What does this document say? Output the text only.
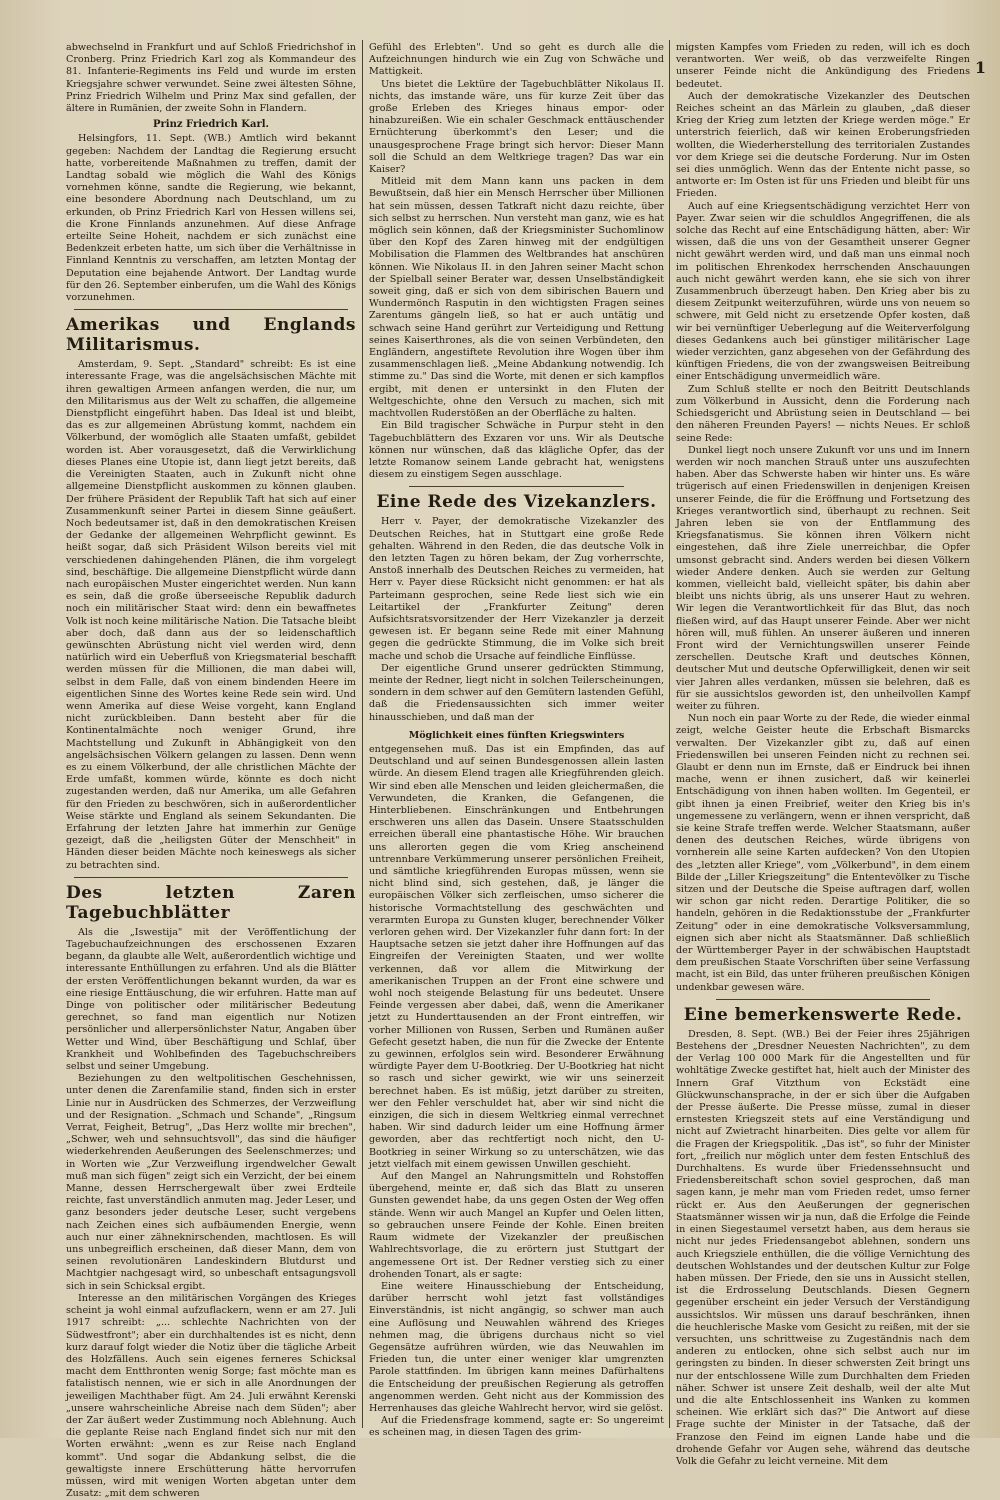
1

abwechselnd in Frankfurt und auf Schloß Friedrichshof in Cronberg. Prinz Friedrich Karl zog als Kommandeur des 81. Infanterie-Regiments ins Feld und wurde im ersten Kriegsjahre schwer verwundet. Seine zwei ältesten Söhne, Prinz Friedrich Wilhelm und Prinz Max sind gefallen, der ältere in Rumänien, der zweite Sohn in Flandern.

Prinz Friedrich Karl.

Helsingfors, 11. Sept. (WB.) Amtlich wird bekannt gegeben: Nachdem der Landtag die Regierung ersucht hatte, vorbereitende Maßnahmen zu treffen, damit der Landtag sobald wie möglich die Wahl des Königs vornehmen könne, sandte die Regierung, wie bekannt, eine besondere Abordnung nach Deutschland, um zu erkunden, ob Prinz Friedrich Karl von Hessen willens sei, die Krone Finnlands anzunehmen. Auf diese Anfrage erteilte Seine Hoheit, nachdem er sich zunächst eine Bedenkzeit erbeten hatte, um sich über die Verhältnisse in Finnland Kenntnis zu verschaffen, am letzten Montag der Deputation eine bejahende Antwort. Der Landtag wurde für den 26. September einberufen, um die Wahl des Königs vorzunehmen.

Amerikas und Englands Militarismus.

Amsterdam, 9. Sept. „Standard" schreibt: Es ist eine interessante Frage, was die angelsächsischen Mächte mit ihren gewaltigen Armeen anfangen werden, die nur, um den Militarismus aus der Welt zu schaffen, die allgemeine Dienstpflicht eingeführt haben. Das Ideal ist und bleibt, das es zur allgemeinen Abrüstung kommt, nachdem ein Völkerbund, der womöglich alle Staaten umfaßt, gebildet worden ist. Aber vorausgesetzt, daß die Verwirklichung dieses Planes eine Utopie ist, dann liegt jetzt bereits, daß die Vereinigten Staaten, auch in Zukunft nicht ohne allgemeine Dienstpflicht auskommen zu können glauben. Der frühere Präsident der Republik Taft hat sich auf einer Zusammenkunft seiner Partei in diesem Sinne geäußert. Noch bedeutsamer ist, daß in den demokratischen Kreisen der Gedanke der allgemeinen Wehrpflicht gewinnt. Es heißt sogar, daß sich Präsident Wilson bereits viel mit verschiedenen dahingehenden Plänen, die ihm vorgelegt sind, beschäftige. Die allgemeine Dienstpflicht würde dann nach europäischen Muster eingerichtet werden. Nun kann es sein, daß die große überseeische Republik dadurch noch ein militärischer Staat wird: denn ein bewaffnetes Volk ist noch keine militärische Nation. Die Tatsache bleibt aber doch, daß dann aus der so leidenschaftlich gewünschten Abrüstung nicht viel werden wird, denn natürlich wird ein Ueberfluß von Kriegsmaterial beschafft werden müssen für die Millionen, die man dabei will, selbst in dem Falle, daß von einem bindenden Heere im eigentlichen Sinne des Wortes keine Rede sein wird. Und wenn Amerika auf diese Weise vorgeht, kann England nicht zurückbleiben. Dann besteht aber für die Kontinentalmächte noch weniger Grund, ihre Machtstellung und Zukunft in Abhängigkeit von den angelsächsischen Völkern gelangen zu lassen. Denn wenn es zu einem Völkerbund, der alle christlichen Mächte der Erde umfaßt, kommen würde, könnte es doch nicht zugestanden werden, daß nur Amerika, um alle Gefahren für den Frieden zu beschwören, sich in außerordentlicher Weise stärkte und England als seinem Sekundanten. Die Erfahrung der letzten Jahre hat immerhin zur Genüge gezeigt, daß die „heiligsten Güter der Menschheit" in Händen dieser beiden Mächte noch keineswegs als sicher zu betrachten sind.

Des letzten Zaren Tagebuchblätter

Als die „Iswestija" mit der Veröffentlichung der Tagebuchaufzeichnungen des erschossenen Exzaren begann, da glaubte alle Welt, außerordentlich wichtige und interessante Enthüllungen zu erfahren. Und als die Blätter der ersten Veröffentlichungen bekannt wurden, da war es eine riesige Enttäuschung, die wir erfuhren. Hatte man auf Dinge von politischer oder militärischer Bedeutung gerechnet, so fand man eigentlich nur Notizen persönlicher und allerpersönlichster Natur, Angaben über Wetter und Wind, über Beschäftigung und Schlaf, über Krankheit und Wohlbefinden des Tagebuchschreibers selbst und seiner Umgebung.

Beziehungen zu den weltpolitischen Geschehnissen, unter denen die Zarenfamilie stand, finden sich in erster Linie nur in Ausdrücken des Schmerzes, der Verzweiflung und der Resignation. „Schmach und Schande", „Ringsum Verrat, Feigheit, Betrug", „Das Herz wollte mir brechen", „Schwer, weh und sehnsuchtsvoll", das sind die häufiger wiederkehrenden Aeußerungen des Seelenschmerzes; und in Worten wie „Zur Verzweiflung irgendwelcher Gewalt muß man sich fügen" zeigt sich ein Verzicht, der bei einem Manne, dessen Herrschergewalt über zwei Erdteile reichte, fast unverständlich anmuten mag. Jeder Leser, und ganz besonders jeder deutsche Leser, sucht vergebens nach Zeichen eines sich aufbäumenden Energie, wenn auch nur einer zähneknirschenden, machtlosen. Es will uns unbegreiflich erscheinen, daß dieser Mann, dem von seinen revolutionären Landeskindern Blutdurst und Machtgier nachgesagt wird, so unbeschaft entsagungsvoll sich in sein Schicksal ergibt.

Interesse an den militärischen Vorgängen des Krieges scheint ja wohl einmal aufzuflackern, wenn er am 27. Juli 1917 schreibt: „... schlechte Nachrichten von der Südwestfront"; aber ein durchhaltendes ist es nicht, denn kurz darauf folgt wieder die Notiz über die tägliche Arbeit des Holzfällens. Auch sein eigenes ferneres Schicksal macht dem Entthronten wenig Sorge; fast möchte man es fatalistisch nennen, wie er sich in alle Anordnungen der jeweiligen Machthaber fügt. Am 24. Juli erwähnt Kerenski „unsere wahrscheinliche Abreise nach dem Süden"; aber der Zar äußert weder Zustimmung noch Ablehnung. Auch die geplante Reise nach England findet sich nur mit den Worten erwähnt: „wenn es zur Reise nach England kommt". Und sogar die Abdankung selbst, die die gewaltigste innere Erschütterung hätte hervorrufen müssen, wird mit wenigen Worten abgetan unter dem Zusatz: „mit dem schweren

Gefühl des Erlebten". Und so geht es durch alle die Aufzeichnungen hindurch wie ein Zug von Schwäche und Mattigkeit.

Uns bietet die Lektüre der Tagebuchblätter Nikolaus II. nichts, das imstande wäre, uns für kurze Zeit über das große Erleben des Krieges hinaus empor- oder hinabzureißen. Wie ein schaler Geschmack enttäuschender Ernüchterung überkommt's den Leser; und die unausgesprochene Frage bringt sich hervor: Dieser Mann soll die Schuld an dem Weltkriege tragen? Das war ein Kaiser?

Mitleid mit dem Mann kann uns packen in dem Bewußtsein, daß hier ein Mensch Herrscher über Millionen hat sein müssen, dessen Tatkraft nicht dazu reichte, über sich selbst zu herrschen. Nun versteht man ganz, wie es hat möglich sein können, daß der Kriegsminister Suchomlinow über den Kopf des Zaren hinweg mit der endgültigen Mobilisation die Flammen des Weltbrandes hat anschüren können. Wie Nikolaus II. in den Jahren seiner Macht schon der Spielball seiner Berater war, dessen Unselbständigkeit soweit ging, daß er sich von dem sibirischen Bauern und Wundermönch Rasputin in den wichtigsten Fragen seines Zarentums gängeln ließ, so hat er auch untätig und schwach seine Hand gerührt zur Verteidigung und Rettung seines Kaiserthrones, als die von seinen Verbündeten, den Engländern, angestiftete Revolution ihre Wogen über ihm zusammenschlagen ließ. „Meine Abdankung notwendig. Ich stimme zu." Das sind die Worte, mit denen er sich kampflos ergibt, mit denen er untersinkt in den Fluten der Weltgeschichte, ohne den Versuch zu machen, sich mit machtvollen Ruderstößen an der Oberfläche zu halten.

Ein Bild tragischer Schwäche in Purpur steht in den Tagebuchblättern des Exzaren vor uns. Wir als Deutsche können nur wünschen, daß das klägliche Opfer, das der letzte Romanow seinem Lande gebracht hat, wenigstens diesem zu einstigem Segen ausschlage.

Eine Rede des Vizekanzlers.

Herr v. Payer, der demokratische Vizekanzler des Deutschen Reiches, hat in Stuttgart eine große Rede gehalten. Während in den Reden, die das deutsche Volk in den letzten Tagen zu hören bekam, der Zug vorherrschte, Anstoß innerhalb des Deutschen Reiches zu vermeiden, hat Herr v. Payer diese Rücksicht nicht genommen: er hat als Parteimann gesprochen, seine Rede liest sich wie ein Leitartikel der „Frankfurter Zeitung" deren Aufsichtsratsvorsitzender der Herr Vizekanzler ja derzeit gewesen ist. Er begann seine Rede mit einer Mahnung gegen die gedrückte Stimmung, die im Volke sich breit mache und schob die Ursache auf feindliche Einflüsse.

Der eigentliche Grund unserer gedrückten Stimmung, meinte der Redner, liegt nicht in solchen Teilerscheinungen, sondern in dem schwer auf den Gemütern lastenden Gefühl, daß die Friedensaussichten sich immer weiter hinausschieben, und daß man der

Möglichkeit eines fünften Kriegswinters

entgegensehen muß. Das ist ein Empfinden, das auf Deutschland und auf seinen Bundesgenossen allein lasten würde. An diesem Elend tragen alle Kriegführenden gleich. Wir sind eben alle Menschen und leiden gleichermaßen, die Verwundeten, die Kranken, die Gefangenen, die Hinterbliebenen. Einschränkungen und Entbehrungen erschweren uns allen das Dasein. Unsere Staatsschulden erreichen überall eine phantastische Höhe. Wir brauchen uns allerorten gegen die vom Krieg anscheinend untrennbare Verkümmerung unserer persönlichen Freiheit, und sämtliche kriegführenden Europas müssen, wenn sie nicht blind sind, sich gestehen, daß, je länger die europäischen Völker sich zerfleischen, umso sicherer die historische Vormachtstellung des geschwächten und verarmten Europa zu Gunsten kluger, berechnender Völker verloren gehen wird. Der Vizekanzler fuhr dann fort: In der Hauptsache setzen sie jetzt daher ihre Hoffnungen auf das Eingreifen der Vereinigten Staaten, und wer wollte verkennen, daß vor allem die Mitwirkung der amerikanischen Truppen an der Front eine schwere und wohl noch steigende Belastung für uns bedeutet. Unsere Feinde vergessen aber dabei, daß, wenn die Amerikaner jetzt zu Hunderttausenden an der Front eintreffen, wir vorher Millionen von Russen, Serben und Rumänen außer Gefecht gesetzt haben, die nun für die Zwecke der Entente zu gewinnen, erfolglos sein wird. Besonderer Erwähnung würdigte Payer dem U-Bootkrieg. Der U-Bootkrieg hat nicht so rasch und sicher gewirkt, wie wir uns seinerzeit berechnet haben. Es ist müßig, jetzt darüber zu streiten, wer den Fehler verschuldet hat, aber wir sind nicht die einzigen, die sich in diesem Weltkrieg einmal verrechnet haben. Wir sind dadurch leider um eine Hoffnung ärmer geworden, aber das rechtfertigt noch nicht, den U-Bootkrieg in seiner Wirkung so zu unterschätzen, wie das jetzt vielfach mit einem gewissen Unwillen geschieht.

Auf den Mangel an Nahrungsmitteln und Rohstoffen übergehend, meinte er, daß sich das Blatt zu unseren Gunsten gewendet habe, da uns gegen Osten der Weg offen stände. Wenn wir auch Mangel an Kupfer und Oelen litten, so gebrauchen unsere Feinde der Kohle. Einen breiten Raum widmete der Vizekanzler der preußischen Wahlrechtsvorlage, die zu erörtern just Stuttgart der angemessene Ort ist. Der Redner verstieg sich zu einer drohenden Tonart, als er sagte:

Eine weitere Hinausschiebung der Entscheidung, darüber herrscht wohl jetzt fast vollständiges Einverständnis, ist nicht angängig, so schwer man auch eine Auflösung und Neuwahlen während des Krieges nehmen mag, die übrigens durchaus nicht so viel Gegensätze aufrühren würden, wie das Neuwahlen im Frieden tun, die unter einer weniger klar umgrenzten Parole stattfinden. Im übrigen kann meines Dafürhaltens die Entscheidung der preußischen Regierung als getroffen angenommen werden. Geht nicht aus der Kommission des Herrenhauses das gleiche Wahlrecht hervor, wird sie gelöst.

Auf die Friedensfrage kommend, sagte er: So ungereimt es scheinen mag, in diesen Tagen des grim-

migsten Kampfes vom Frieden zu reden, will ich es doch verantworten. Wer weiß, ob das verzweifelte Ringen unserer Feinde nicht die Ankündigung des Friedens bedeutet.

Auch der demokratische Vizekanzler des Deutschen Reiches scheint an das Märlein zu glauben, „daß dieser Krieg der Krieg zum letzten der Kriege werden möge." Er unterstrich feierlich, daß wir keinen Eroberungsfrieden wollten, die Wiederherstellung des territorialen Zustandes vor dem Kriege sei die deutsche Forderung. Nur im Osten sei dies unmöglich. Wenn das der Entente nicht passe, so antworte er: Im Osten ist für uns Frieden und bleibt für uns Frieden.

Auch auf eine Kriegsentschädigung verzichtet Herr von Payer. Zwar seien wir die schuldlos Angegriffenen, die als solche das Recht auf eine Entschädigung hätten, aber: Wir wissen, daß die uns von der Gesamtheit unserer Gegner nicht gewährt werden wird, und daß man uns einmal noch im politischen Ehrenkodex herrschenden Anschauungen auch nicht gewährt werden kann, ehe sie sich von ihrer Zusammenbruch überzeugt haben. Den Krieg aber bis zu diesem Zeitpunkt weiterzuführen, würde uns von neuem so schwere, mit Geld nicht zu ersetzende Opfer kosten, daß wir bei vernünftiger Ueberlegung auf die Weiterverfolgung dieses Gedankens auch bei günstiger militärischer Lage wieder verzichten, ganz abgesehen von der Gefährdung des künftigen Friedens, die von der zwangsweisen Beitreibung einer Entschädigung unvermeidlich wäre.

Zum Schluß stellte er noch den Beitritt Deutschlands zum Völkerbund in Aussicht, denn die Forderung nach Schiedsgericht und Abrüstung seien in Deutschland — bei den näheren Freunden Payers! — nichts Neues. Er schloß seine Rede:

Dunkel liegt noch unsere Zukunft vor uns und im Innern werden wir noch manchen Strauß unter uns auszufechten haben. Aber das Schwerste haben wir hinter uns. Es wäre trügerisch auf einen Friedenswillen in denjenigen Kreisen unserer Feinde, die für die Eröffnung und Fortsetzung des Krieges verantwortlich sind, überhaupt zu rechnen. Seit Jahren leben sie von der Entflammung des Kriegsfanatismus. Sie können ihren Völkern nicht eingestehen, daß ihre Ziele unerreichbar, die Opfer umsonst gebracht sind. Anders werden bei diesen Völkern wieder Andere denken. Auch sie werden zur Geltung kommen, vielleicht bald, vielleicht später, bis dahin aber bleibt uns nichts übrig, als uns unserer Haut zu wehren. Wir legen die Verantwortlichkeit für das Blut, das noch fließen wird, auf das Haupt unserer Feinde. Aber wer nicht hören will, muß fühlen. An unserer äußeren und inneren Front wird der Vernichtungswillen unserer Feinde zerschellen. Deutsche Kraft und deutsches Können, deutscher Mut und deutsche Opferwilligkeit, denen wir seit vier Jahren alles verdanken, müssen sie belehren, daß es für sie aussichtslos geworden ist, den unheilvollen Kampf weiter zu führen.

Nun noch ein paar Worte zu der Rede, die wieder einmal zeigt, welche Geister heute die Erbschaft Bismarcks verwalten. Der Vizekanzler gibt zu, daß auf einen Friedenswillen bei unseren Feinden nicht zu rechnen sei. Glaubt er denn nun im Ernste, daß er Eindruck bei ihnen mache, wenn er ihnen zusichert, daß wir keinerlei Entschädigung von ihnen haben wollten. Im Gegenteil, er gibt ihnen ja einen Freibrief, weiter den Krieg bis in's ungemessene zu verlängern, wenn er ihnen verspricht, daß sie keine Strafe treffen werde. Welcher Staatsmann, außer denen des deutschen Reiches, würde übrigens von vornherein alle seine Karten aufdecken? Von den Utopien des „letzten aller Kriege", vom „Völkerbund", in dem einem Bilde der „Liller Kriegszeitung" die Ententevölker zu Tische sitzen und der Deutsche die Speise auftragen darf, wollen wir schon gar nicht reden. Derartige Politiker, die so handeln, gehören in die Redaktionsstube der „Frankfurter Zeitung" oder in eine demokratische Volksversammlung, eignen sich aber nicht als Staatsmänner. Daß schließlich der Württemberger Payer in der schwäbischen Hauptstadt dem preußischen Staate Vorschriften über seine Verfassung macht, ist ein Bild, das unter früheren preußischen Königen undenkbar gewesen wäre.

Eine bemerkenswerte Rede.

Dresden, 8. Sept. (WB.) Bei der Feier ihres 25jährigen Bestehens der „Dresdner Neuesten Nachrichten", zu dem der Verlag 100 000 Mark für die Angestellten und für wohltätige Zwecke gestiftet hat, hielt auch der Minister des Innern Graf Vitzthum von Eckstädt eine Glückwunschansprache, in der er sich über die Aufgaben der Presse äußerte. Die Presse müsse, zumal in dieser ernstesten Kriegszeit stets auf eine Verständigung und nicht auf Zwietracht hinarbeiten. Dies gelte vor allem für die Fragen der Kriegspolitik. „Das ist", so fuhr der Minister fort, „freilich nur möglich unter dem festen Entschluß des Durchhaltens. Es wurde über Friedenssehnsucht und Friedensbereitschaft schon soviel gesprochen, daß man sagen kann, je mehr man vom Frieden redet, umso ferner rückt er. Aus den Aeußerungen der gegnerischen Staatsmänner wissen wir ja nun, daß die Erfolge die Feinde in einen Siegestaumel versetzt haben, aus dem heraus sie nicht nur jedes Friedensangebot ablehnen, sondern uns auch Kriegsziele enthüllen, die die völlige Vernichtung des deutschen Wohlstandes und der deutschen Kultur zur Folge haben müssen. Der Friede, den sie uns in Aussicht stellen, ist die Erdrosselung Deutschlands. Diesen Gegnern gegenüber erscheint ein jeder Versuch der Verständigung aussichtslos. Wir müssen uns darauf beschränken, ihnen die heuchlerische Maske vom Gesicht zu reißen, mit der sie versuchten, uns schrittweise zu Zugeständnis nach dem anderen zu entlocken, ohne sich selbst auch nur im geringsten zu binden. In dieser schwersten Zeit bringt uns nur der entschlossene Wille zum Durchhalten dem Frieden näher. Schwer ist unsere Zeit deshalb, weil der alte Mut und die alte Entschlossenheit ins Wanken zu kommen scheinen. Wie erklärt sich das?" Die Antwort auf diese Frage suchte der Minister in der Tatsache, daß der Franzose den Feind im eignen Lande habe und die drohende Gefahr vor Augen sehe, während das deutsche Volk die Gefahr zu leicht verneine. Mit dem
